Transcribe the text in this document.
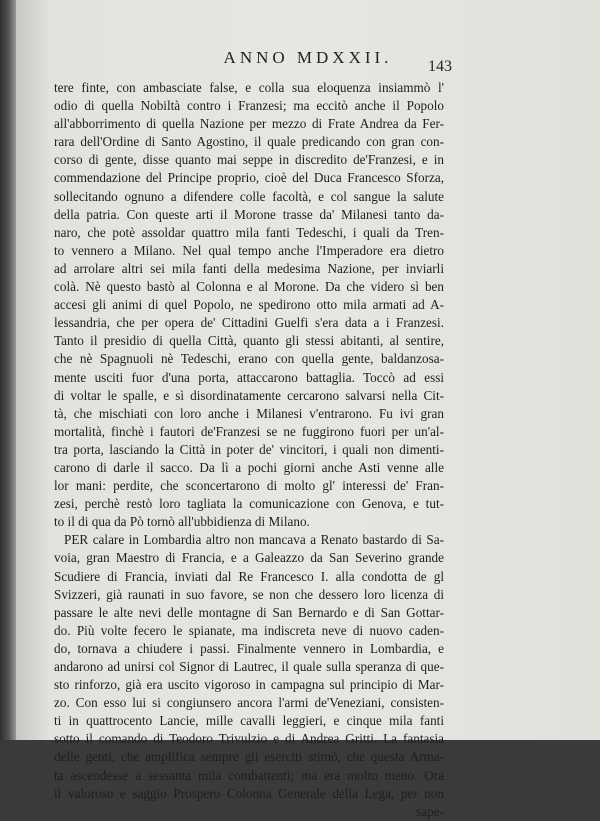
ANNO MDXXII.	143
tere finte, con ambasciate false, e colla sua eloquenza insiammò l'
odio di quella Nobiltà contro i Franzesi; ma eccitò anche il Popolo
all'abborrimento di quella Nazione per mezzo di Frate Andrea da Fer-
rara dell'Ordine di Santo Agostino, il quale predicando con gran con-
corso di gente, disse quanto mai seppe in discredito de'Franzesi, e in
commendazione del Principe proprio, cioè del Duca Francesco Sforza,
sollecitando ognuno a difendere colle facoltà, e col sangue la salute
della patria. Con queste arti il Morone trasse da' Milanesi tanto da-
naro, che potè assoldar quattro mila fanti Tedeschi, i quali da Tren-
to vennero a Milano. Nel qual tempo anche l'Imperadore era dietro
ad arrolare altri sei mila fanti della medesima Nazione, per inviarli
colà. Nè questo bastò al Colonna e al Morone. Da che videro sì ben
accesi gli animi di quel Popolo, ne spedirono otto mila armati ad A-
lessandria, che per opera de' Cittadini Guelfi s'era data a i Franzesi.
Tanto il presidio di quella Città, quanto gli stessi abitanti, al sentire,
che nè Spagnuoli nè Tedeschi, erano con quella gente, baldanzosa-
mente usciti fuor d'una porta, attaccarono battaglia. Toccò ad essi
di voltar le spalle, e sì disordinatamente cercarono salvarsi nella Cit-
tà, che mischiati con loro anche i Milanesi v'entrarono. Fu ivi gran
mortalità, finchè i fautori de'Franzesi se ne fuggirono fuori per un'al-
tra porta, lasciando la Città in poter de' vincitori, i quali non dimenti-
carono di darle il sacco. Da lì a pochi giorni anche Asti venne alle
lor mani: perdite, che sconcertarono di molto gl' interessi de' Fran-
zesi, perchè restò loro tagliata la comunicazione con Genova, e tut-
to il di qua da Pò tornò all'ubbidienza di Milano.
PER calare in Lombardia altro non mancava a Renato bastardo di Sa-
voia, gran Maestro di Francia, e a Galeazzo da San Severino grande
Scudiere di Francia, inviati dal Re Francesco I. alla condotta de gl
Svizzeri, già raunati in suo favore, se non che dessero loro licenza di
passare le alte nevi delle montagne di San Bernardo e di San Gottar-
do. Più volte fecero le spianate, ma indiscreta neve di nuovo caden-
do, tornava a chiudere i passi. Finalmente vennero in Lombardia, e
andarono ad unirsi col Signor di Lautrec, il quale sulla speranza di que-
sto rinforzo, già era uscito vigoroso in campagna sul principio di Mar-
zo. Con esso lui si congiunsero ancora l'armi de'Veneziani, consisten-
ti in quattrocento Lancie, mille cavalli leggieri, e cinque mila fanti
sotto il comando di Teodoro Trivulzio e di Andrea Gritti. La fantasia
delle genti, che amplifica sempre gli eserciti stimò, che questa Arma-
ta ascendesse a sessanta mila combattenti; ma era molto meno. Ora
il valoroso e saggio Prospero Colonna Generale della Lega, per non
sape-
